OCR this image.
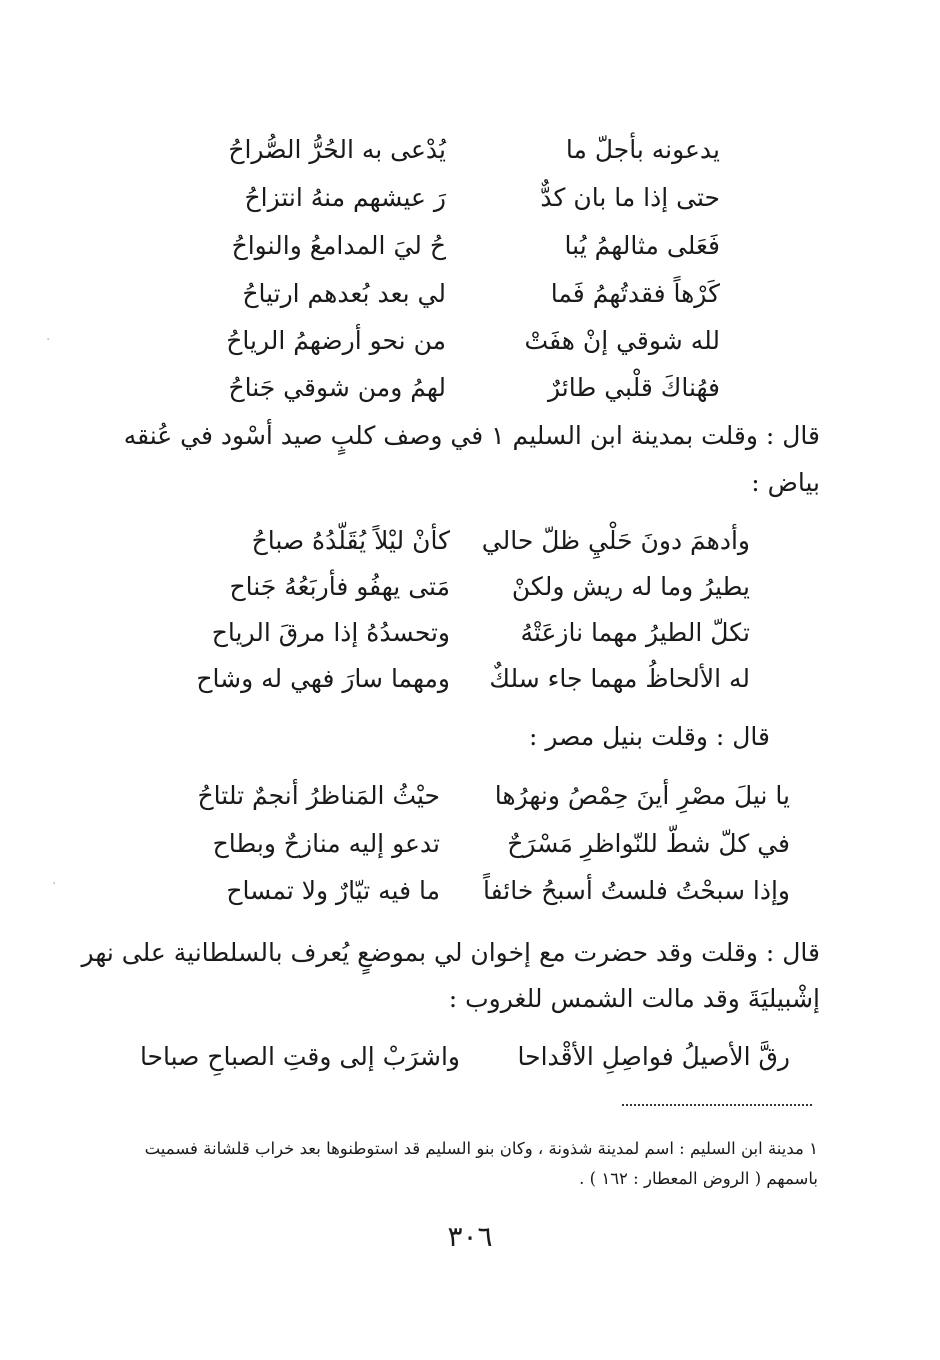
يدعونه بأجلّ ما
يُدْعى به الحُرُّ الصُّراحُ
حتى إذا ما بان كدٌّ
رَ عيشهم منهُ انتزاحُ
فَعَلى مثالهمُ يُبا
حُ ليَ المدامعُ والنواحُ
كَرْهاً فقدتُهمُ فَما
لي بعد بُعدهم ارتياحُ
لله شوقي إنْ هفَتْ
من نحو أرضهمُ الرياحُ
فهُناكَ قلْبي طائرٌ
لهمُ ومن شوقي جَناحُ
قال : وقلت بمدينة ابن السليم ١ في وصف كلبٍ صيد أسْود في عُنقه
بياض :
وأدهمَ دونَ حَلْيِ ظلّ حالي
كأنْ ليْلاً يُقَلّدُهُ صباحُ
يطيرُ وما له ريش ولكنْ
مَتى يهفُو فأربَعُهُ جَناح
تكلّ الطيرُ مهما نازعَتْهُ
وتحسدُهُ إذا مرقَ الرياح
له الألحاظُ مهما جاء سلكٌ
ومهما سارَ فهي له وشاح
قال : وقلت بنيل مصر :
يا نيلَ مصْرِ أينَ حِمْصُ ونهرُها
حيْثُ المَناظرُ أنجمٌ تلتاحُ
في كلّ شطّ للنّواظرِ مَسْرَحٌ
تدعو إليه منازحٌ وبطاح
وإذا سبحْتُ فلستُ أسبحُ خائفاً
ما فيه تيّارٌ ولا تمساح
قال : وقلت وقد حضرت مع إخوان لي بموضعٍ يُعرف بالسلطانية على نهر
إشْبيليَةَ وقد مالت الشمس للغروب :
رقَّ الأصيلُ فواصِلِ الأقْداحا
واشرَبْ إلى وقتِ الصباحِ صباحا
١ مدينة ابن السليم : اسم لمدينة شذونة ، وكان بنو السليم قد استوطنوها بعد خراب قلشانة فسميت
باسمهم ( الروض المعطار : ١٦٢ ) .
٣٠٦
·
·
